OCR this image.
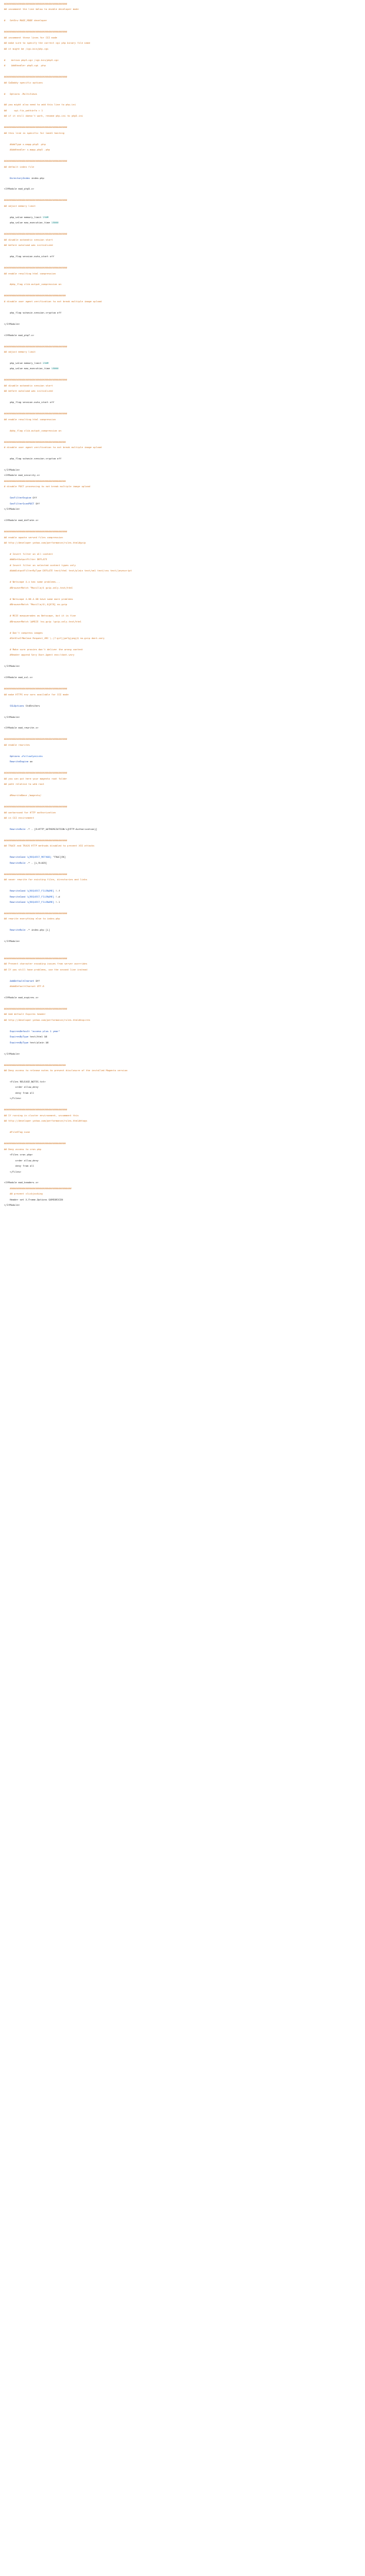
############################################
## uncomment the line below to enable developer mode

#   SetEnv MAGE_MODE developer

############################################
## uncomment these lines for CGI mode
## make sure to specify the correct cgi php binary file name
## it might be /cgi-bin/php-cgi

#    Action php5-cgi /cgi-bin/php5-cgi
#    AddHandler php5-cgi .php

############################################
## GoDaddy specific options

#   Options -MultiViews

## you might also need to add this line to php.ini
##     cgi.fix_pathinfo = 1
## if it still doesn't work, rename php.ini to php5.ini

############################################
## this line is specific for 1and1 hosting

#AddType x-mapp-php5 .php
#AddHandler x-mapp-php5 .php

############################################
## default index file

DirectoryIndex index.php

<IfModule mod_php5.c>

############################################
## adjust memory limit

php_value memory_limit 256M
php_value max_execution_time 18000

############################################
## disable automatic session start
## before autoload was initialized

php_flag session.auto_start off

############################################
## enable resulting html compression

#php_flag zlib.output_compression on

###########################################
# disable user agent verification to not break multiple image upload

php_flag suhosin.session.cryptua off

</IfModule>

<IfModule mod_php7.c>

############################################
## adjust memory limit

php_value memory_limit 256M
php_value max_execution_time 18000

############################################
## disable automatic session start
## before autoload was initialized

php_flag session.auto_start off

############################################
## enable resulting html compression

#php_flag zlib.output_compression on

###########################################
# disable user agent verification to not break multiple image upload

php_flag suhosin.session.cryptua off

</IfModule>
<IfModule mod_security.c>
###########################################
# disable POST processing to not break multiple image upload

SecFilterEngine Off
SecFilterScanPOST Off
</IfModule>

<IfModule mod_deflate.c>

############################################
## enable apache served files compression
## http://developer.yahoo.com/performance/rules.html#gzip

# Insert filter on all content
###SetOutputFilter DEFLATE
# Insert filter on selected content types only
#AddOutputFilterByType DEFLATE text/html text/plain text/xml text/css text/javascript

# Netscape 4.x has some problems...
#BrowserMatch ^Mozilla/4 gzip-only-text/html

# Netscape 4.06-4.08 have some more problems
#BrowserMatch ^Mozilla/4\.0[678] no-gzip

# MSIE masquerades as Netscape, but it is fine
#BrowserMatch \bMSIE !no-gzip !gzip-only-text/html

# Don't compress images
#SetEnvIfNoCase Request_URI \.(?:gif|jpe?g|png)$ no-gzip dont-vary

# Make sure proxies don't deliver the wrong content
#Header append Vary User-Agent env=!dont-vary

</IfModule>

<IfModule mod_ssl.c>

############################################
## make HTTPS env vars available for CGI mode

SSLOptions StdEnvVars

</IfModule>

<IfModule mod_rewrite.c>

############################################
## enable rewrites

Options +FollowSymLinks
RewriteEngine on

############################################
## you can put here your magento root folder
## path relative to web root

#RewriteBase /magento/

############################################
## workaround for HTTP authorization
## in CGI environment

RewriteRule .* - [E=HTTP_AUTHORIZATION:%{HTTP:Authorization}]

############################################
## TRACE and TRACK HTTP methods disabled to prevent XSS attacks

RewriteCond %{REQUEST_METHOD} ^TRAC[EK]
RewriteRule .* - [L,R=405]

############################################
## never rewrite for existing files, directories and links

RewriteCond %{REQUEST_FILENAME} !-f
RewriteCond %{REQUEST_FILENAME} !-d
RewriteCond %{REQUEST_FILENAME} !-l

############################################
## rewrite everything else to index.php

RewriteRule .* index.php [L]

</IfModule>

############################################
## Prevent character encoding issues from server overrides
## If you still have problems, use the second line instead

AddDefaultCharset Off
#AddDefaultCharset UTF-8

<IfModule mod_expires.c>

############################################
## Add default Expires header
## http://developer.yahoo.com/performance/rules.html#expires

ExpiresDefault "access plus 1 year"
ExpiresByType text/html A0
ExpiresByType text/plain A0

</IfModule>

###########################################
## Deny access to release notes to prevent disclosure of the installed Magento version

<Files RELEASE_NOTES.txt>
order allow,deny
deny from all
</Files>

############################################
## If running in cluster environment, uncomment this
## http://developer.yahoo.com/performance/rules.html#etags

#FileETag none

###########################################
## Deny access to cron.php
<Files cron.php>
order allow,deny
deny from all
</Files>

<IfModule mod_headers.c>
###########################################
## prevent clickjacking
Header set X-Frame-Options SAMEORIGIN
</IfModule>
